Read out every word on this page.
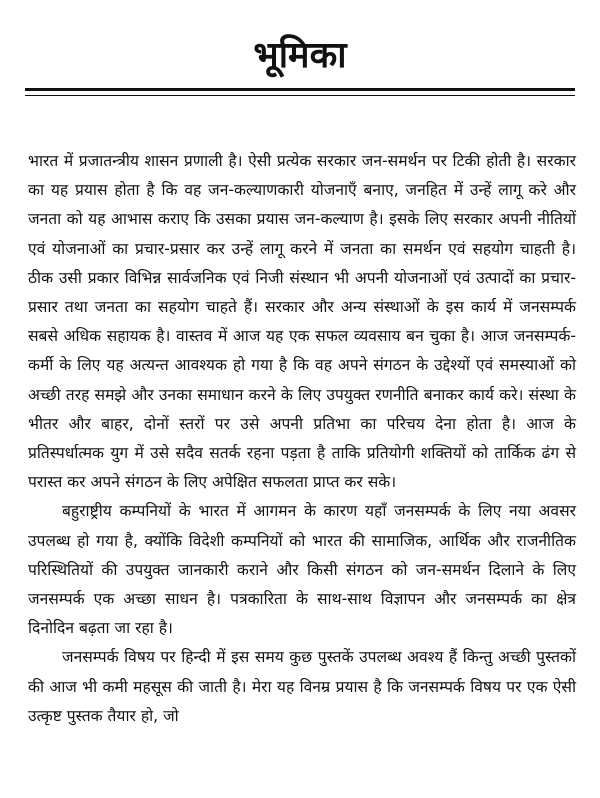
भूमिका

भारत में प्रजातन्त्रीय शासन प्रणाली है। ऐसी प्रत्येक सरकार जन-समर्थन पर टिकी होती है। सरकार का यह प्रयास होता है कि वह जन-कल्याणकारी योजनाएँ बनाए, जनहित में उन्हें लागू करे और जनता को यह आभास कराए कि उसका प्रयास जन-कल्याण है। इसके लिए सरकार अपनी नीतियों एवं योजनाओं का प्रचार-प्रसार कर उन्हें लागू करने में जनता का समर्थन एवं सहयोग चाहती है। ठीक उसी प्रकार विभिन्न सार्वजनिक एवं निजी संस्थान भी अपनी योजनाओं एवं उत्पादों का प्रचार-प्रसार तथा जनता का सहयोग चाहते हैं। सरकार और अन्य संस्थाओं के इस कार्य में जनसम्पर्क सबसे अधिक सहायक है। वास्तव में आज यह एक सफल व्यवसाय बन चुका है। आज जनसम्पर्क-कर्मी के लिए यह अत्यन्त आवश्यक हो गया है कि वह अपने संगठन के उद्देश्यों एवं समस्याओं को अच्छी तरह समझे और उनका समाधान करने के लिए उपयुक्त रणनीति बनाकर कार्य करे। संस्था के भीतर और बाहर, दोनों स्तरों पर उसे अपनी प्रतिभा का परिचय देना होता है। आज के प्रतिस्पर्धात्मक युग में उसे सदैव सतर्क रहना पड़ता है ताकि प्रतियोगी शक्तियों को तार्किक ढंग से परास्त कर अपने संगठन के लिए अपेक्षित सफलता प्राप्त कर सके।

बहुराष्ट्रीय कम्पनियों के भारत में आगमन के कारण यहाँ जनसम्पर्क के लिए नया अवसर उपलब्ध हो गया है, क्योंकि विदेशी कम्पनियों को भारत की सामाजिक, आर्थिक और राजनीतिक परिस्थितियों की उपयुक्त जानकारी कराने और किसी संगठन को जन-समर्थन दिलाने के लिए जनसम्पर्क एक अच्छा साधन है। पत्रकारिता के साथ-साथ विज्ञापन और जनसम्पर्क का क्षेत्र दिनोदिन बढ़ता जा रहा है।

जनसम्पर्क विषय पर हिन्दी में इस समय कुछ पुस्तकें उपलब्ध अवश्य हैं किन्तु अच्छी पुस्तकों की आज भी कमी महसूस की जाती है। मेरा यह विनम्र प्रयास है कि जनसम्पर्क विषय पर एक ऐसी उत्कृष्ट पुस्तक तैयार हो, जो
